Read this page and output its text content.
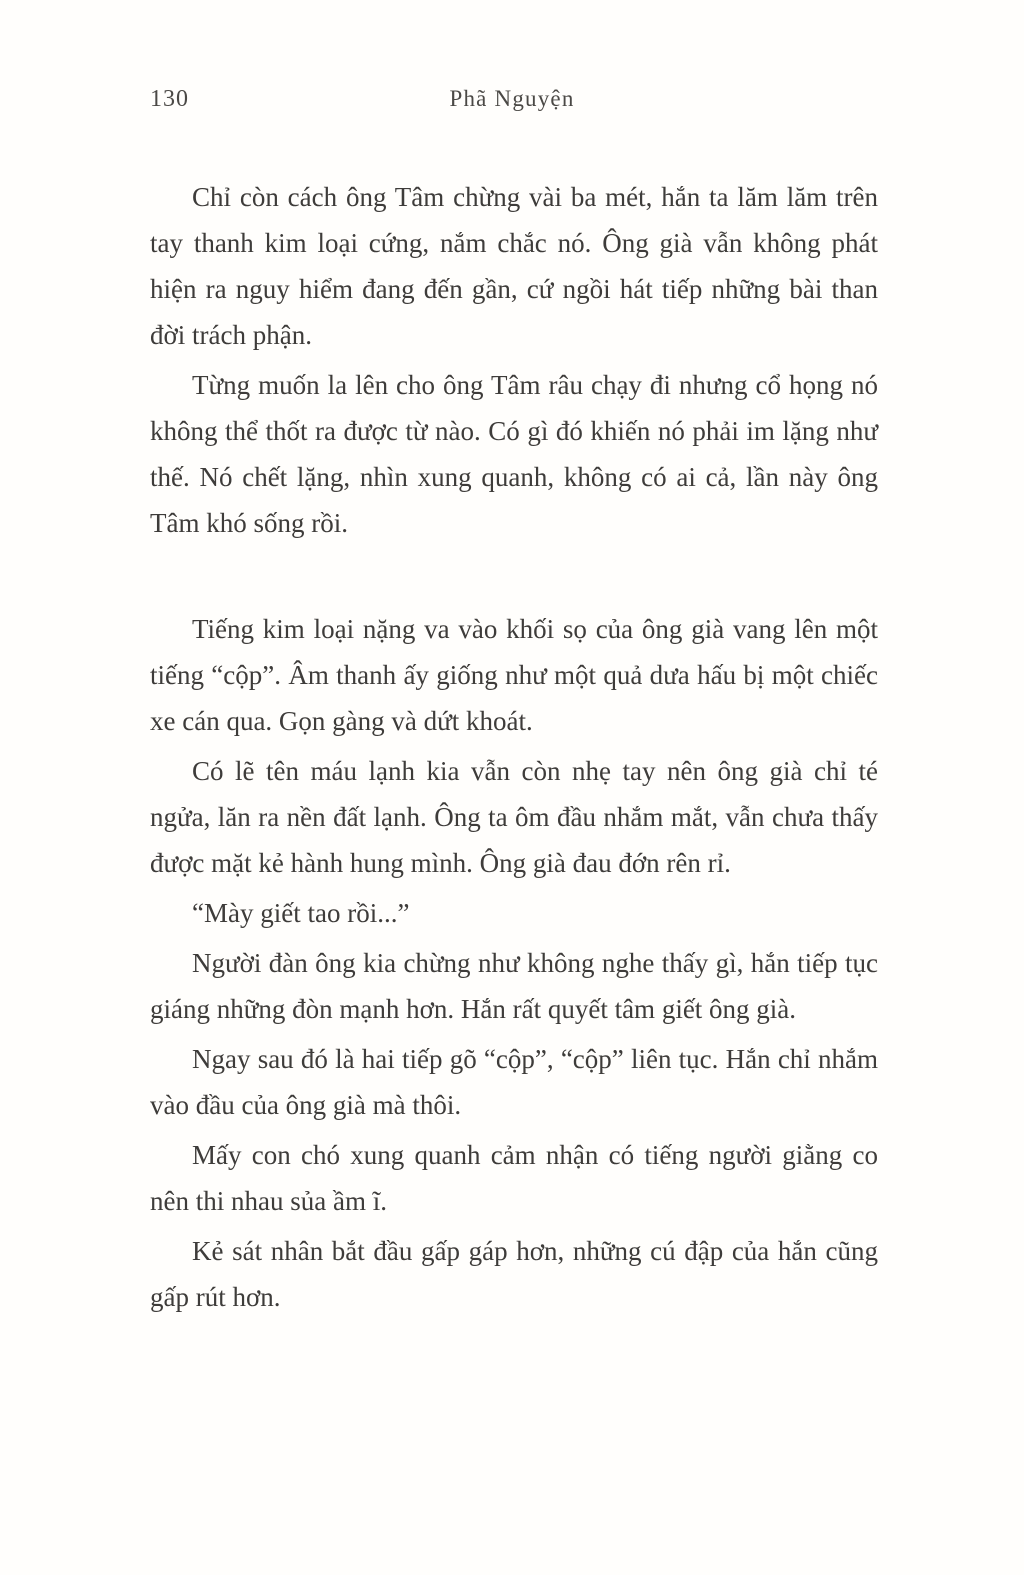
130	Phã Nguyện

Chỉ còn cách ông Tâm chừng vài ba mét, hắn ta lăm lăm trên tay thanh kim loại cứng, nắm chắc nó. Ông già vẫn không phát hiện ra nguy hiểm đang đến gần, cứ ngồi hát tiếp những bài than đời trách phận.

Từng muốn la lên cho ông Tâm râu chạy đi nhưng cổ họng nó không thể thốt ra được từ nào. Có gì đó khiến nó phải im lặng như thế. Nó chết lặng, nhìn xung quanh, không có ai cả, lần này ông Tâm khó sống rồi.

Tiếng kim loại nặng va vào khối sọ của ông già vang lên một tiếng “cộp”. Âm thanh ấy giống như một quả dưa hấu bị một chiếc xe cán qua. Gọn gàng và dứt khoát.

Có lẽ tên máu lạnh kia vẫn còn nhẹ tay nên ông già chỉ té ngửa, lăn ra nền đất lạnh. Ông ta ôm đầu nhắm mắt, vẫn chưa thấy được mặt kẻ hành hung mình. Ông già đau đớn rên rỉ.

“Mày giết tao rồi...”

Người đàn ông kia chừng như không nghe thấy gì, hắn tiếp tục giáng những đòn mạnh hơn. Hắn rất quyết tâm giết ông già.

Ngay sau đó là hai tiếp gõ “cộp”, “cộp” liên tục. Hắn chỉ nhắm vào đầu của ông già mà thôi.

Mấy con chó xung quanh cảm nhận có tiếng người giằng co nên thi nhau sủa ầm ĩ.

Kẻ sát nhân bắt đầu gấp gáp hơn, những cú đập của hắn cũng gấp rút hơn.
